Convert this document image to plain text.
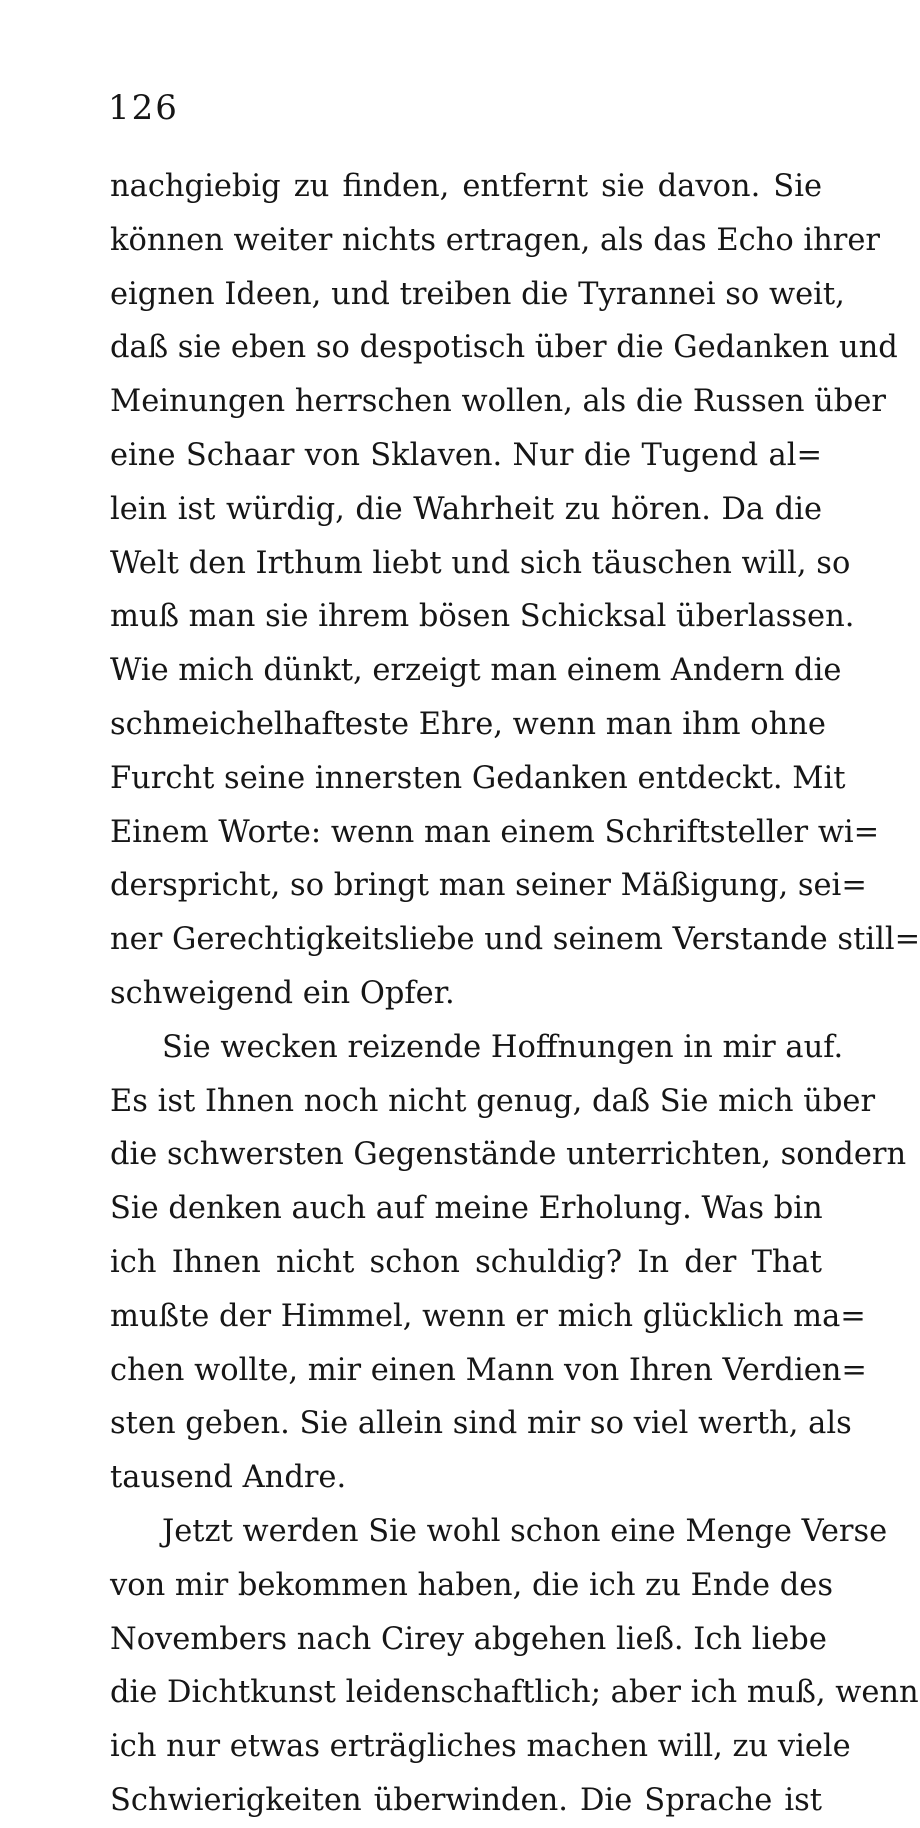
126
nachgiebig zu finden, entfernt sie davon. Sie
können weiter nichts ertragen, als das Echo ihrer
eignen Ideen, und treiben die Tyrannei so weit,
daß sie eben so despotisch über die Gedanken und
Meinungen herrschen wollen, als die Russen über
eine Schaar von Sklaven. Nur die Tugend al=
lein ist würdig, die Wahrheit zu hören. Da die
Welt den Irthum liebt und sich täuschen will, so
muß man sie ihrem bösen Schicksal überlassen.
Wie mich dünkt, erzeigt man einem Andern die
schmeichelhafteste Ehre, wenn man ihm ohne
Furcht seine innersten Gedanken entdeckt. Mit
Einem Worte: wenn man einem Schriftsteller wi=
derspricht, so bringt man seiner Mäßigung, sei=
ner Gerechtigkeitsliebe und seinem Verstande still=
schweigend ein Opfer.
Sie wecken reizende Hoffnungen in mir auf.
Es ist Ihnen noch nicht genug, daß Sie mich über
die schwersten Gegenstände unterrichten, sondern
Sie denken auch auf meine Erholung. Was bin
ich Ihnen nicht schon schuldig? In der That
mußte der Himmel, wenn er mich glücklich ma=
chen wollte, mir einen Mann von Ihren Verdien=
sten geben. Sie allein sind mir so viel werth, als
tausend Andre.
Jetzt werden Sie wohl schon eine Menge Verse
von mir bekommen haben, die ich zu Ende des
Novembers nach Cirey abgehen ließ. Ich liebe
die Dichtkunst leidenschaftlich; aber ich muß, wenn
ich nur etwas erträgliches machen will, zu viele
Schwierigkeiten überwinden. Die Sprache ist
